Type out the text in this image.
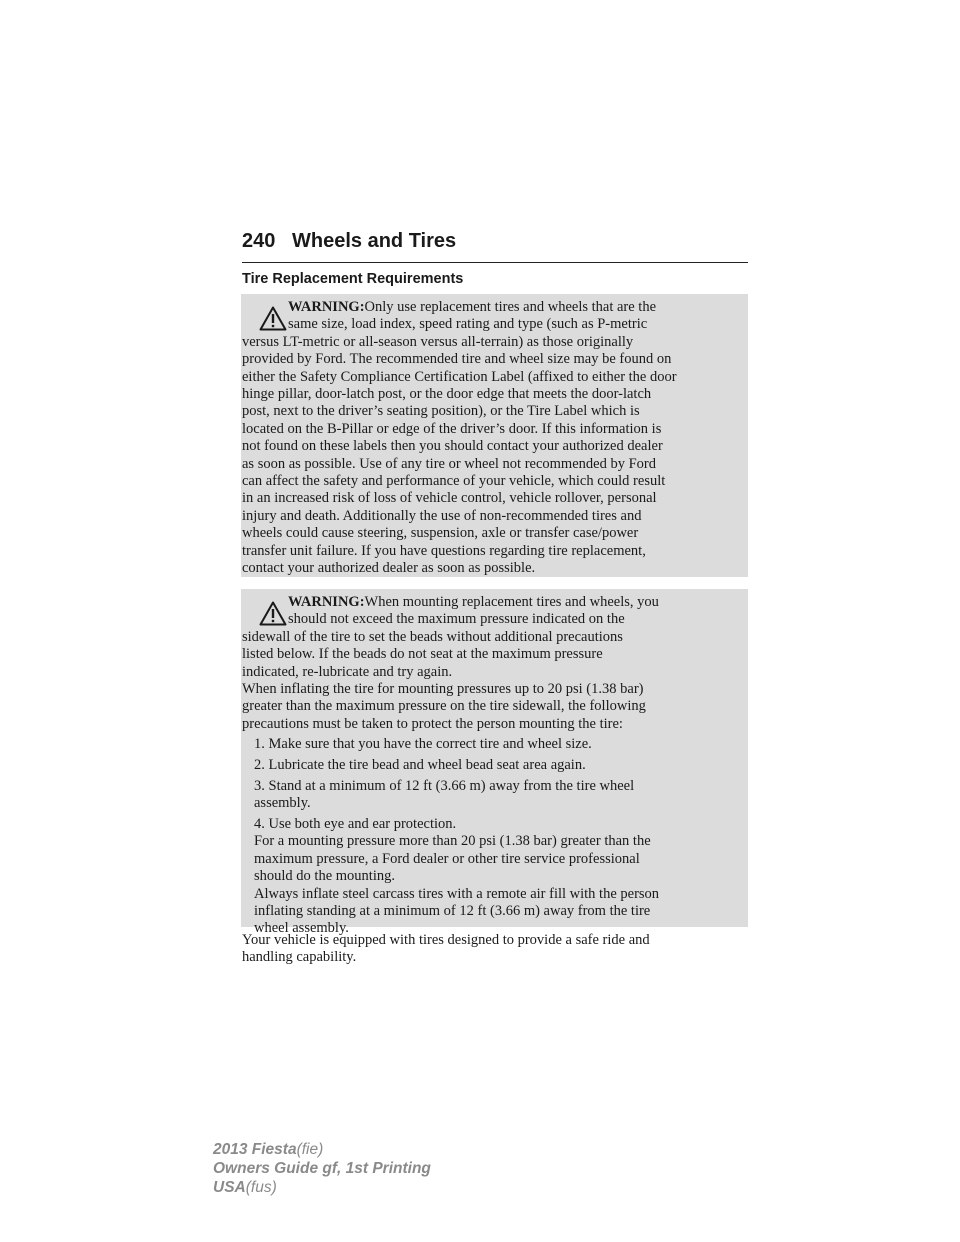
240 Wheels and Tires
Tire Replacement Requirements
WARNING:Only use replacement tires and wheels that are the
same size, load index, speed rating and type (such as P-metric
versus LT-metric or all-season versus all-terrain) as those originally
provided by Ford. The recommended tire and wheel size may be found on
either the Safety Compliance Certification Label (affixed to either the door
hinge pillar, door-latch post, or the door edge that meets the door-latch
post, next to the driver’s seating position), or the Tire Label which is
located on the B-Pillar or edge of the driver’s door. If this information is
not found on these labels then you should contact your authorized dealer
as soon as possible. Use of any tire or wheel not recommended by Ford
can affect the safety and performance of your vehicle, which could result
in an increased risk of loss of vehicle control, vehicle rollover, personal
injury and death. Additionally the use of non-recommended tires and
wheels could cause steering, suspension, axle or transfer case/power
transfer unit failure. If you have questions regarding tire replacement,
contact your authorized dealer as soon as possible.
WARNING:When mounting replacement tires and wheels, you
should not exceed the maximum pressure indicated on the
sidewall of the tire to set the beads without additional precautions
listed below. If the beads do not seat at the maximum pressure
indicated, re-lubricate and try again.
When inflating the tire for mounting pressures up to 20 psi (1.38 bar)
greater than the maximum pressure on the tire sidewall, the following
precautions must be taken to protect the person mounting the tire:
1. Make sure that you have the correct tire and wheel size.
2. Lubricate the tire bead and wheel bead seat area again.
3. Stand at a minimum of 12 ft (3.66 m) away from the tire wheel
assembly.
4. Use both eye and ear protection.
For a mounting pressure more than 20 psi (1.38 bar) greater than the
maximum pressure, a Ford dealer or other tire service professional
should do the mounting.
Always inflate steel carcass tires with a remote air fill with the person
inflating standing at a minimum of 12 ft (3.66 m) away from the tire
wheel assembly.
Your vehicle is equipped with tires designed to provide a safe ride and
handling capability.
2013 Fiesta(fie)
Owners Guide gf, 1st Printing
USA(fus)
